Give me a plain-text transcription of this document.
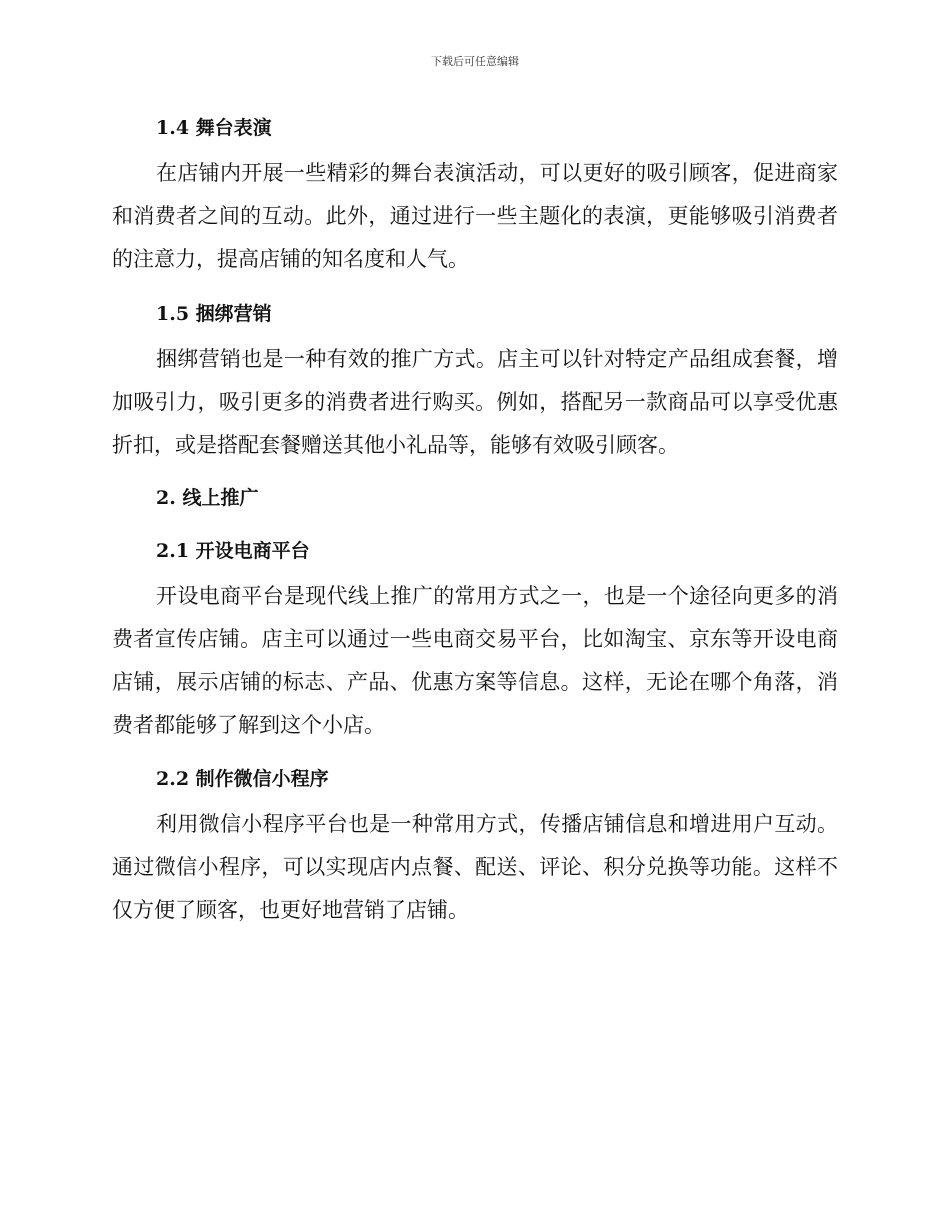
下载后可任意编辑
1.4 舞台表演

在店铺内开展一些精彩的舞台表演活动，可以更好的吸引顾客，促进商家和消费者之间的互动。此外，通过进行一些主题化的表演，更能够吸引消费者的注意力，提高店铺的知名度和人气。

1.5 捆绑营销

捆绑营销也是一种有效的推广方式。店主可以针对特定产品组成套餐，增加吸引力，吸引更多的消费者进行购买。例如，搭配另一款商品可以享受优惠折扣，或是搭配套餐赠送其他小礼品等，能够有效吸引顾客。

2. 线上推广
2.1 开设电商平台

开设电商平台是现代线上推广的常用方式之一，也是一个途径向更多的消费者宣传店铺。店主可以通过一些电商交易平台，比如淘宝、京东等开设电商店铺，展示店铺的标志、产品、优惠方案等信息。这样，无论在哪个角落，消费者都能够了解到这个小店。

2.2 制作微信小程序

利用微信小程序平台也是一种常用方式，传播店铺信息和增进用户互动。通过微信小程序，可以实现店内点餐、配送、评论、积分兑换等功能。这样不仅方便了顾客，也更好地营销了店铺。
